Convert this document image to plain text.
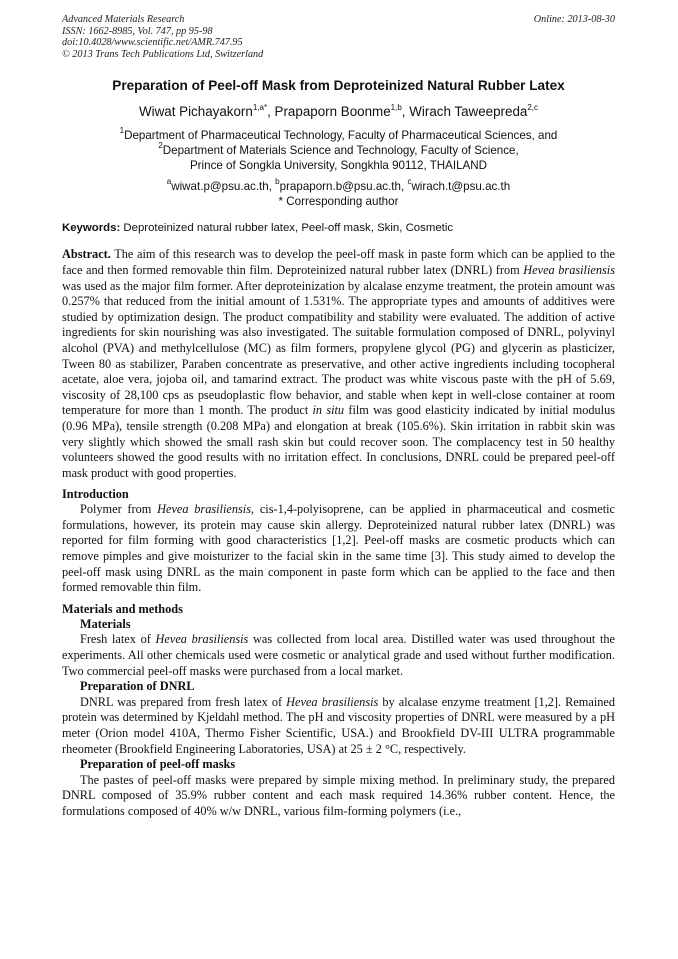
Advanced Materials Research
ISSN: 1662-8985, Vol. 747, pp 95-98
doi:10.4028/www.scientific.net/AMR.747.95
© 2013 Trans Tech Publications Ltd, Switzerland
Online: 2013-08-30
Preparation of Peel-off Mask from Deproteinized Natural Rubber Latex
Wiwat Pichayakorn$^{1,a*}$, Prapaporn Boonme$^{1,b}$, Wirach Taweepreda$^{2,c}$
$^1$Department of Pharmaceutical Technology, Faculty of Pharmaceutical Sciences, and
$^2$Department of Materials Science and Technology, Faculty of Science,
Prince of Songkla University, Songkhla 90112, THAILAND
$^a$wiwat.p@psu.ac.th, $^b$prapaporn.b@psu.ac.th, $^c$wirach.t@psu.ac.th
* Corresponding author
Keywords: Deproteinized natural rubber latex, Peel-off mask, Skin, Cosmetic
Abstract. The aim of this research was to develop the peel-off mask in paste form which can be applied to the face and then formed removable thin film. Deproteinized natural rubber latex (DNRL) from Hevea brasiliensis was used as the major film former. After deproteinization by alcalase enzyme treatment, the protein amount was 0.257% that reduced from the initial amount of 1.531%. The appropriate types and amounts of additives were studied by optimization design. The product compatibility and stability were evaluated. The addition of active ingredients for skin nourishing was also investigated. The suitable formulation composed of DNRL, polyvinyl alcohol (PVA) and methylcellulose (MC) as film formers, propylene glycol (PG) and glycerin as plasticizer, Tween 80 as stabilizer, Paraben concentrate as preservative, and other active ingredients including tocopheral acetate, aloe vera, jojoba oil, and tamarind extract. The product was white viscous paste with the pH of 5.69, viscosity of 28,100 cps as pseudoplastic flow behavior, and stable when kept in well-close container at room temperature for more than 1 month. The product in situ film was good elasticity indicated by initial modulus (0.96 MPa), tensile strength (0.208 MPa) and elongation at break (105.6%). Skin irritation in rabbit skin was very slightly which showed the small rash skin but could recover soon. The complacency test in 50 healthy volunteers showed the good results with no irritation effect. In conclusions, DNRL could be prepared peel-off mask product with good properties.
Introduction
Polymer from Hevea brasiliensis, cis-1,4-polyisoprene, can be applied in pharmaceutical and cosmetic formulations, however, its protein may cause skin allergy. Deproteinized natural rubber latex (DNRL) was reported for film forming with good characteristics [1,2]. Peel-off masks are cosmetic products which can remove pimples and give moisturizer to the facial skin in the same time [3]. This study aimed to develop the peel-off mask using DNRL as the main component in paste form which can be applied to the face and then formed removable thin film.
Materials and methods
Materials
Fresh latex of Hevea brasiliensis was collected from local area. Distilled water was used throughout the experiments. All other chemicals used were cosmetic or analytical grade and used without further modification. Two commercial peel-off masks were purchased from a local market.
Preparation of DNRL
DNRL was prepared from fresh latex of Hevea brasiliensis by alcalase enzyme treatment [1,2]. Remained protein was determined by Kjeldahl method. The pH and viscosity properties of DNRL were measured by a pH meter (Orion model 410A, Thermo Fisher Scientific, USA.) and Brookfield DV-III ULTRA programmable rheometer (Brookfield Engineering Laboratories, USA) at 25 ± 2 °C, respectively.
Preparation of peel-off masks
The pastes of peel-off masks were prepared by simple mixing method. In preliminary study, the prepared DNRL composed of 35.9% rubber content and each mask required 14.36% rubber content. Hence, the formulations composed of 40% w/w DNRL, various film-forming polymers (i.e.,
